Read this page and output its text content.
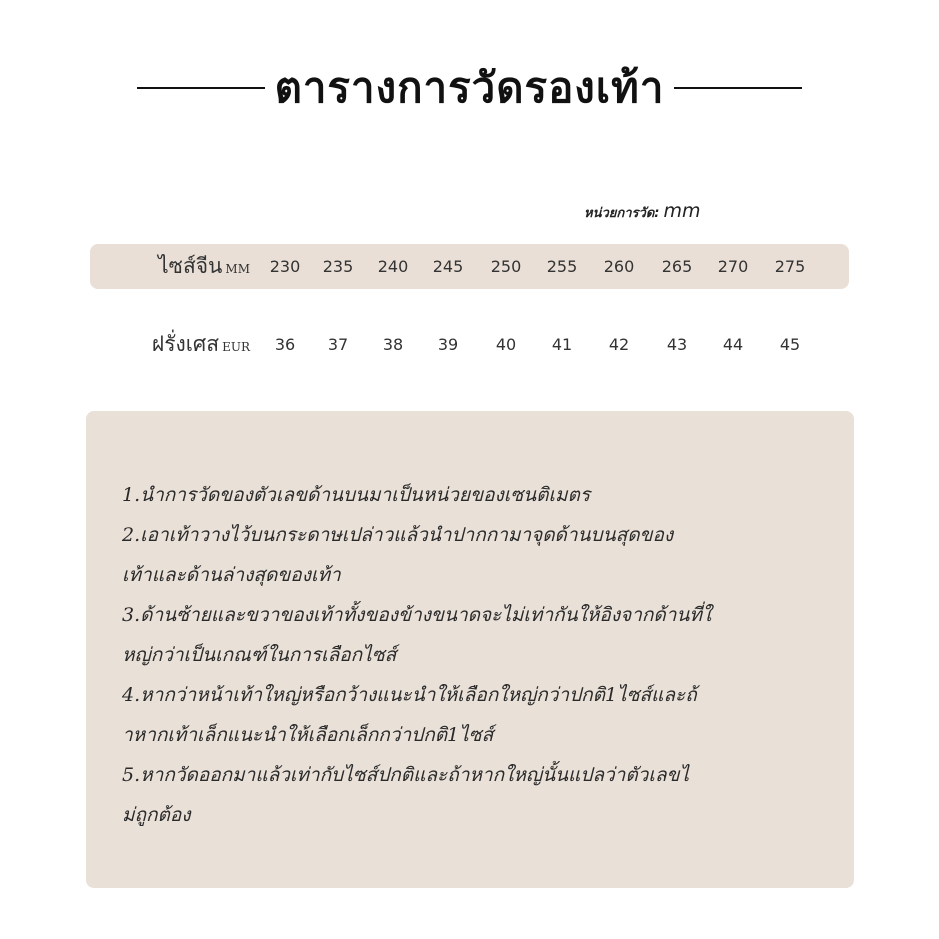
ตารางการวัดรองเท้า
หน่วยการวัด: mm
ไซส์จีน MM	230	235	240	245	250	255	260	265	270	275
ฝรั่งเศส EUR	36	37	38	39	40	41	42	43	44	45
1.นำการวัดของตัวเลขด้านบนมาเป็นหน่วยของเซนติเมตร
2.เอาเท้าวางไว้บนกระดาษเปล่าวแล้วนำปากกามาจุดด้านบนสุดของ
เท้าและด้านล่างสุดของเท้า
3.ด้านซ้ายและขวาของเท้าทั้งของข้างขนาดจะไม่เท่ากันให้อิงจากด้านที่ใ
หญ่กว่าเป็นเกณฑ์ในการเลือกไซส์
4.หากว่าหน้าเท้าใหญ่หรือกว้างแนะนำให้เลือกใหญ่กว่าปกติ1ไซส์และถ้
าหากเท้าเล็กแนะนำให้เลือกเล็กกว่าปกติ1ไซส์
5.หากวัดออกมาแล้วเท่ากับไซส์ปกติและถ้าหากใหญ่นั้นแปลว่าตัวเลขไ
ม่ถูกต้อง
